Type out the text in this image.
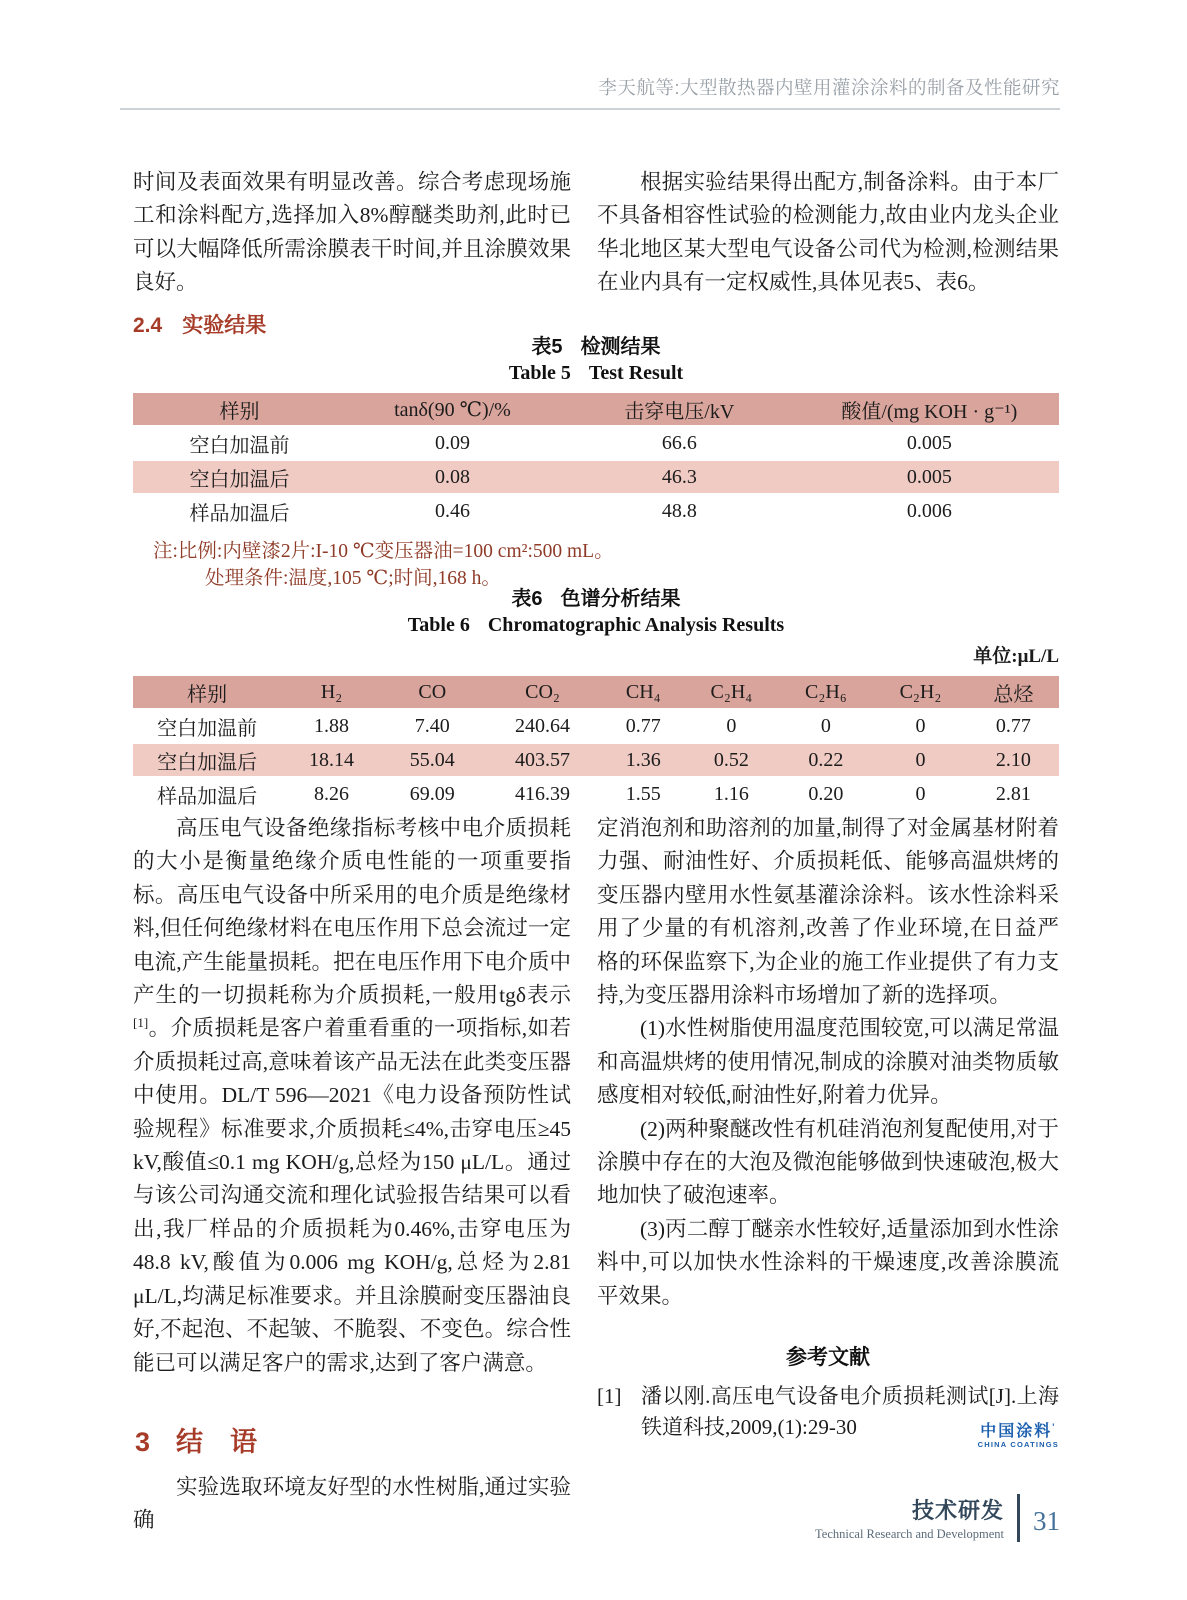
李天航等:大型散热器内壁用灌涂涂料的制备及性能研究
时间及表面效果有明显改善。综合考虑现场施工和涂料配方,选择加入8%醇醚类助剂,此时已可以大幅降低所需涂膜表干时间,并且涂膜效果良好。
2.4 实验结果
根据实验结果得出配方,制备涂料。由于本厂不具备相容性试验的检测能力,故由业内龙头企业华北地区某大型电气设备公司代为检测,检测结果在业内具有一定权威性,具体见表5、表6。
表5 检测结果
Table 5 Test Result
样别	tanδ(90 ℃)/%	击穿电压/kV	酸值/(mg KOH · g⁻¹)
空白加温前	0.09	66.6	0.005
空白加温后	0.08	46.3	0.005
样品加温后	0.46	48.8	0.006
注:比例:内壁漆2片:I-10 ℃变压器油=100 cm²:500 mL。
处理条件:温度,105 ℃;时间,168 h。
表6 色谱分析结果
Table 6 Chromatographic Analysis Results
单位:μL/L
样别	H₂	CO	CO₂	CH₄	C₂H₄	C₂H₆	C₂H₂	总烃
空白加温前	1.88	7.40	240.64	0.77	0	0	0	0.77
空白加温后	18.14	55.04	403.57	1.36	0.52	0.22	0	2.10
样品加温后	8.26	69.09	416.39	1.55	1.16	0.20	0	2.81
高压电气设备绝缘指标考核中电介质损耗的大小是衡量绝缘介质电性能的一项重要指标。高压电气设备中所采用的电介质是绝缘材料,但任何绝缘材料在电压作用下总会流过一定电流,产生能量损耗。把在电压作用下电介质中产生的一切损耗称为介质损耗,一般用tgδ表示[1]。介质损耗是客户着重看重的一项指标,如若介质损耗过高,意味着该产品无法在此类变压器中使用。DL/T 596—2021《电力设备预防性试验规程》标准要求,介质损耗≤4%,击穿电压≥45 kV,酸值≤0.1 mg KOH/g,总烃为150 μL/L。通过与该公司沟通交流和理化试验报告结果可以看出,我厂样品的介质损耗为0.46%,击穿电压为48.8 kV,酸值为0.006 mg KOH/g,总烃为2.81 μL/L,均满足标准要求。并且涂膜耐变压器油良好,不起泡、不起皱、不脆裂、不变色。综合性能已可以满足客户的需求,达到了客户满意。
3 结　语
实验选取环境友好型的水性树脂,通过实验确
定消泡剂和助溶剂的加量,制得了对金属基材附着力强、耐油性好、介质损耗低、能够高温烘烤的变压器内壁用水性氨基灌涂涂料。该水性涂料采用了少量的有机溶剂,改善了作业环境,在日益严格的环保监察下,为企业的施工作业提供了有力支持,为变压器用涂料市场增加了新的选择项。
(1)水性树脂使用温度范围较宽,可以满足常温和高温烘烤的使用情况,制成的涂膜对油类物质敏感度相对较低,耐油性好,附着力优异。
(2)两种聚醚改性有机硅消泡剂复配使用,对于涂膜中存在的大泡及微泡能够做到快速破泡,极大地加快了破泡速率。
(3)丙二醇丁醚亲水性较好,适量添加到水性涂料中,可以加快水性涂料的干燥速度,改善涂膜流平效果。
参考文献
[1] 潘以刚.高压电气设备电介质损耗测试[J].上海铁道科技,2009,(1):29-30	中国涂料 '
CHINA COATINGS
技术研发
Technical Research and Development 31
